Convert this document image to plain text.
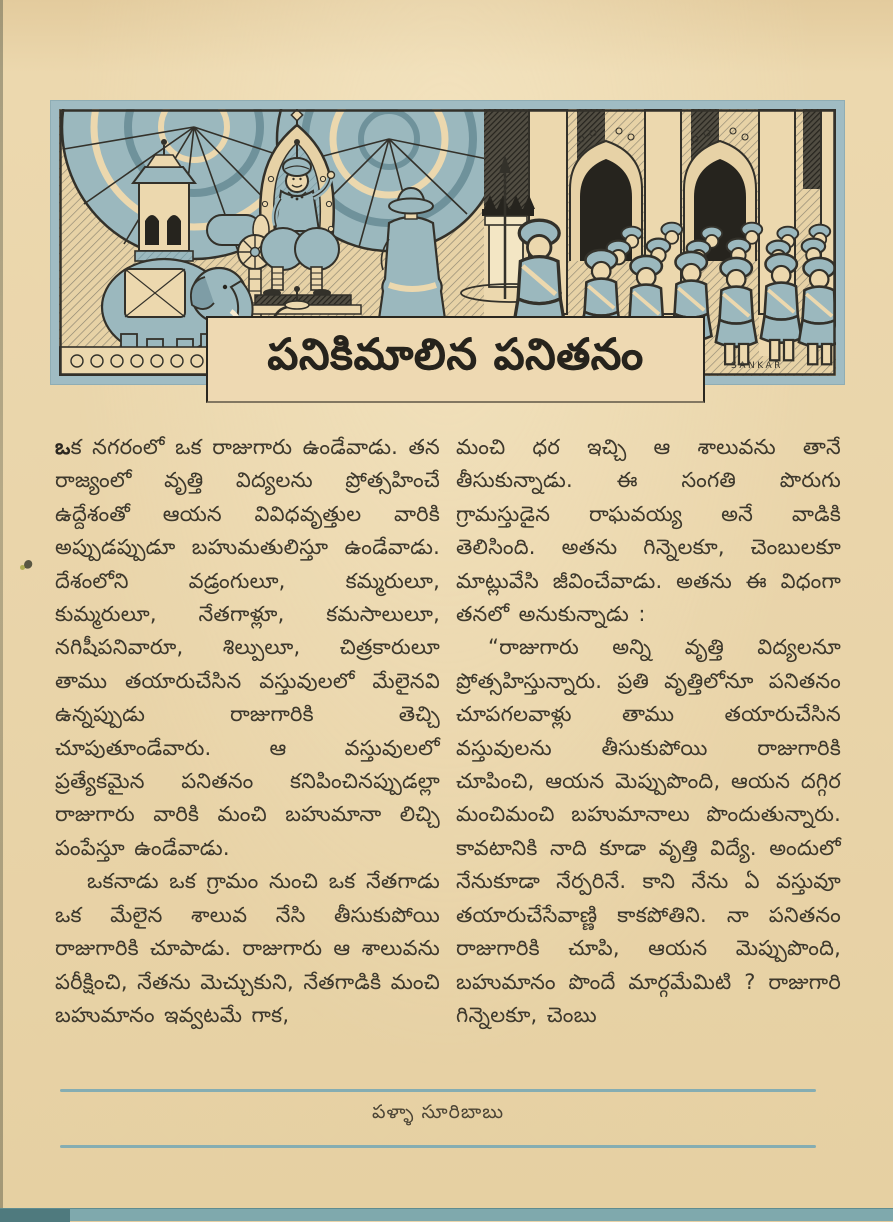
SANKAR
పనికిమాలిన పనితనం

ఒక నగరంలో ఒక రాజుగారు ఉండేవాడు. తన రాజ్యంలో వృత్తి విద్యలను ప్రోత్సహించే ఉద్దేశంతో ఆయన వివిధవృత్తుల వారికి అప్పుడప్పుడూ బహుమతులిస్తూ ఉండేవాడు. దేశంలోని వడ్రంగులూ, కమ్మరులూ, కుమ్మరులూ, నేతగాళ్లూ, కమసాలులూ, నగిషీపనివారూ, శిల్పులూ, చిత్రకారులూ తాము తయారుచేసిన వస్తువులలో మేలైనవి ఉన్నప్పుడు రాజుగారికి తెచ్చి చూపుతూండేవారు. ఆ వస్తువులలో ప్రత్యేకమైన పనితనం కనిపించినప్పుడల్లా రాజుగారు వారికి మంచి బహుమానా లిచ్చి పంపేస్తూ ఉండేవాడు.

ఒకనాడు ఒక గ్రామం నుంచి ఒక నేతగాడు ఒక మేలైన శాలువ నేసి తీసుకుపోయి రాజుగారికి చూపాడు. రాజుగారు ఆ శాలువను పరీక్షించి, నేతను మెచ్చుకుని, నేతగాడికి మంచి బహుమానం ఇవ్వటమే గాక,

మంచి ధర ఇచ్చి ఆ శాలువను తానే తీసుకున్నాడు. ఈ సంగతి పొరుగు గ్రామస్తుడైన రాఘవయ్య అనే వాడికి తెలిసింది. అతను గిన్నెలకూ, చెంబులకూ మాట్లువేసి జీవించేవాడు. అతను ఈ విధంగా తనలో అనుకున్నాడు :

“రాజుగారు అన్ని వృత్తి విద్యలనూ ప్రోత్సహిస్తున్నారు. ప్రతి వృత్తిలోనూ పనితనం చూపగలవాళ్లు తాము తయారుచేసిన వస్తువులను తీసుకుపోయి రాజుగారికి చూపించి, ఆయన మెప్పుపొంది, ఆయన దగ్గిర మంచిమంచి బహుమానాలు పొందుతున్నారు. కావటానికి నాది కూడా వృత్తి విద్యే. అందులో నేనుకూడా నేర్పరినే. కాని నేను ఏ వస్తువూ తయారుచేసేవాణ్ణి కాకపోతిని. నా పనితనం రాజుగారికి చూపి, ఆయన మెప్పుపొంది, బహుమానం పొందే మార్గమేమిటి ? రాజుగారి గిన్నెలకూ, చెంబు

పళ్ళా సూరిబాబు
